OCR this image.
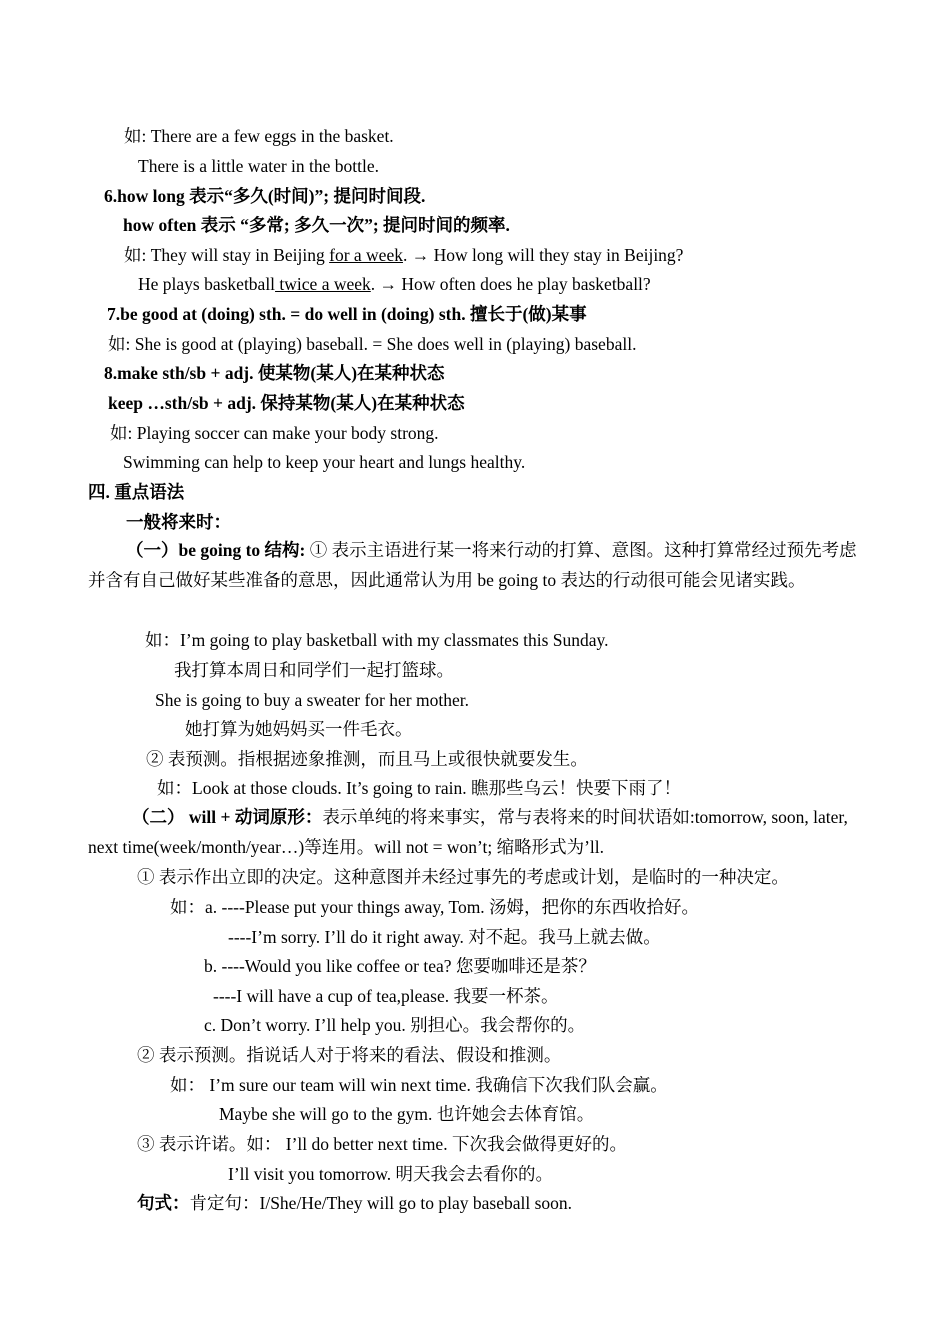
如: There are a few eggs in the basket.
There is a little water in the bottle.
6.how long 表示“多久(时间)”; 提问时间段.
how often 表示 “多常; 多久一次”; 提问时间的频率.
如: They will stay in Beijing for a week. → How long will they stay in Beijing?
He plays basketball twice a week. → How often does he play basketball?
7.be good at (doing) sth. = do well in (doing) sth. 擅长于(做)某事
如: She is good at (playing) baseball. = She does well in (playing) baseball.
8.make sth/sb + adj. 使某物(某人)在某种状态
keep …sth/sb + adj. 保持某物(某人)在某种状态
如: Playing soccer can make your body strong.
Swimming can help to keep your heart and lungs healthy.
四. 重点语法
一般将来时：
（一）be going to 结构: ① 表示主语进行某一将来行动的打算、意图。这种打算常经过预先考虑并含有自己做好某些准备的意思，因此通常认为用 be going to 表达的行动很可能会见诸实践。
如：I’m going to play basketball with my classmates this Sunday.
我打算本周日和同学们一起打篮球。
She is going to buy a sweater for her mother.
她打算为她妈妈买一件毛衣。
② 表预测。指根据迹象推测，而且马上或很快就要发生。
如：Look at those clouds. It’s going to rain. 瞧那些乌云！快要下雨了！
（二） will + 动词原形：表示单纯的将来事实，常与表将来的时间状语如:tomorrow, soon, later, next time(week/month/year…)等连用。will not = won’t; 缩略形式为’ll.
① 表示作出立即的决定。这种意图并未经过事先的考虑或计划，是临时的一种决定。
如：a. ----Please put your things away, Tom. 汤姆，把你的东西收拾好。
----I’m sorry. I’ll do it right away. 对不起。我马上就去做。
b. ----Would you like coffee or tea? 您要咖啡还是茶？
----I will have a cup of tea,please. 我要一杯茶。
c. Don’t worry. I’ll help you. 别担心。我会帮你的。
② 表示预测。指说话人对于将来的看法、假设和推测。
如： I’m sure our team will win next time. 我确信下次我们队会赢。
Maybe she will go to the gym. 也许她会去体育馆。
③ 表示许诺。如： I’ll do better next time. 下次我会做得更好的。
I’ll visit you tomorrow. 明天我会去看你的。
句式：肯定句：I/She/He/They will go to play baseball soon.
